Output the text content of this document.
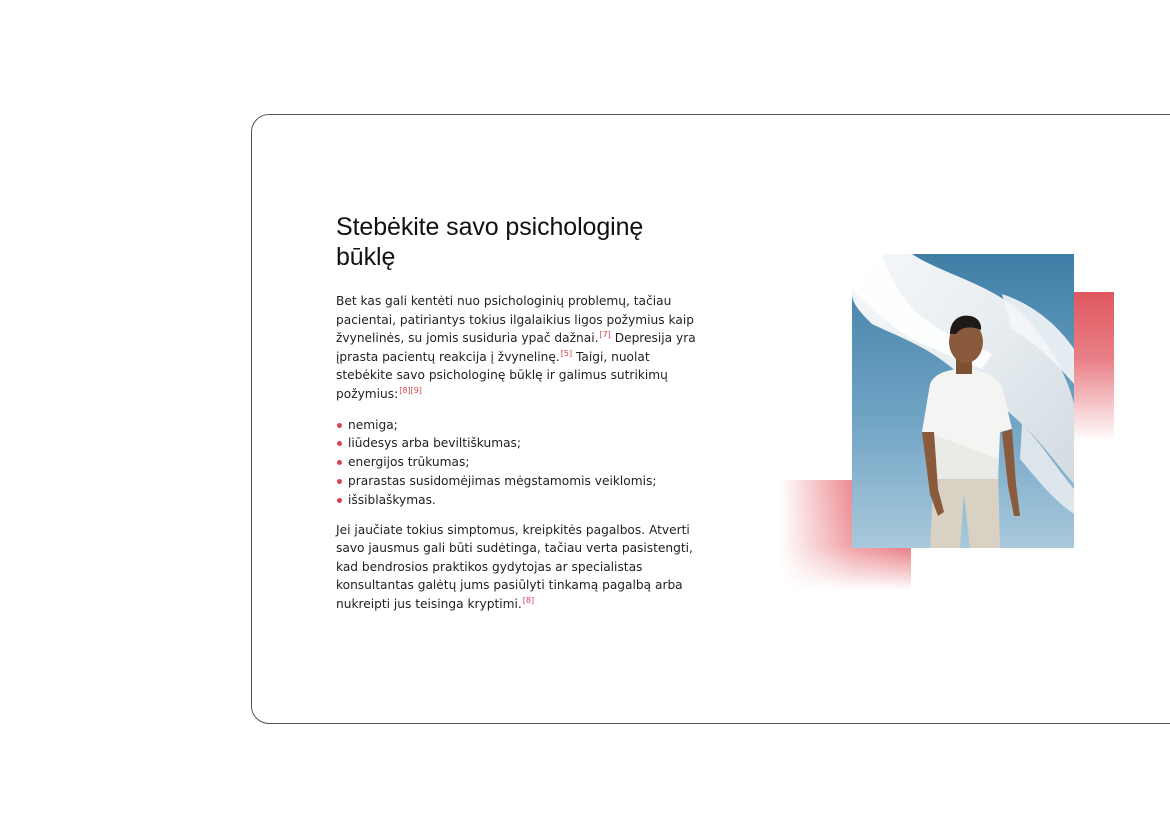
Stebėkite savo psichologinę būklę

Bet kas gali kentėti nuo psichologinių problemų, tačiau pacientai, patiriantys tokius ilgalaikius ligos požymius kaip žvynelinės, su jomis susiduria ypač dažnai.[7] Depresija yra įprasta pacientų reakcija į žvynelinę.[5] Taigi, nuolat stebėkite savo psichologinę būklę ir galimus sutrikimų požymius:[8][9]

nemiga;
liūdesys arba beviltiškumas;
energijos trūkumas;
prarastas susidomėjimas mėgstamomis veiklomis;
išsiblaškymas.

Jei jaučiate tokius simptomus, kreipkitės pagalbos. Atverti savo jausmus gali būti sudėtinga, tačiau verta pasistengti, kad bendrosios praktikos gydytojas ar specialistas konsultantas galėtų jums pasiūlyti tinkamą pagalbą arba nukreipti jus teisinga kryptimi.[8]
